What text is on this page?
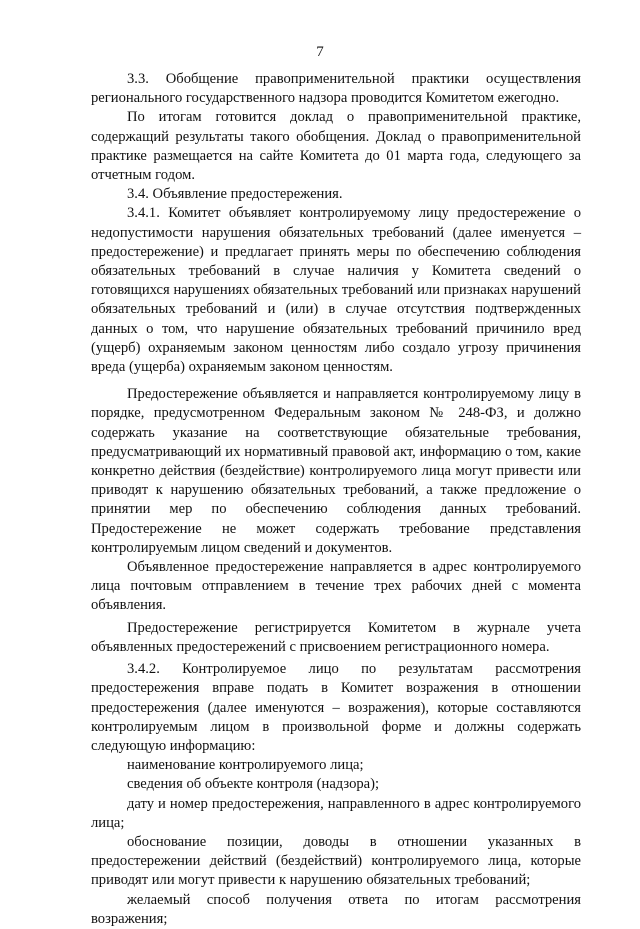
7

3.3. Обобщение правоприменительной практики осуществления регионального государственного надзора проводится Комитетом ежегодно.

По итогам готовится доклад о правоприменительной практике, содержащий результаты такого обобщения. Доклад о правоприменительной практике размещается на сайте Комитета до 01 марта года, следующего за отчетным годом.

3.4. Объявление предостережения.

3.4.1. Комитет объявляет контролируемому лицу предостережение о недопустимости нарушения обязательных требований (далее именуется – предостережение) и предлагает принять меры по обеспечению соблюдения обязательных требований в случае наличия у Комитета сведений о готовящихся нарушениях обязательных требований или признаках нарушений обязательных требований и (или) в случае отсутствия подтвержденных данных о том, что нарушение обязательных требований причинило вред (ущерб) охраняемым законом ценностям либо создало угрозу причинения вреда (ущерба) охраняемым законом ценностям.

Предостережение объявляется и направляется контролируемому лицу в порядке, предусмотренном Федеральным законом № 248-ФЗ, и должно содержать указание на соответствующие обязательные требования, предусматривающий их нормативный правовой акт, информацию о том, какие конкретно действия (бездействие) контролируемого лица могут привести или приводят к нарушению обязательных требований, а также предложение о принятии мер по обеспечению соблюдения данных требований. Предостережение не может содержать требование представления контролируемым лицом сведений и документов.

Объявленное предостережение направляется в адрес контролируемого лица почтовым отправлением в течение трех рабочих дней с момента объявления.

Предостережение регистрируется Комитетом в журнале учета объявленных предостережений с присвоением регистрационного номера.

3.4.2. Контролируемое лицо по результатам рассмотрения предостережения вправе подать в Комитет возражения в отношении предостережения (далее именуются – возражения), которые составляются контролируемым лицом в произвольной форме и должны содержать следующую информацию:

наименование контролируемого лица;

сведения об объекте контроля (надзора);

дату и номер предостережения, направленного в адрес контролируемого лица;

обоснование позиции, доводы в отношении указанных в предостережении действий (бездействий) контролируемого лица, которые приводят или могут привести к нарушению обязательных требований;

желаемый способ получения ответа по итогам рассмотрения возражения;
